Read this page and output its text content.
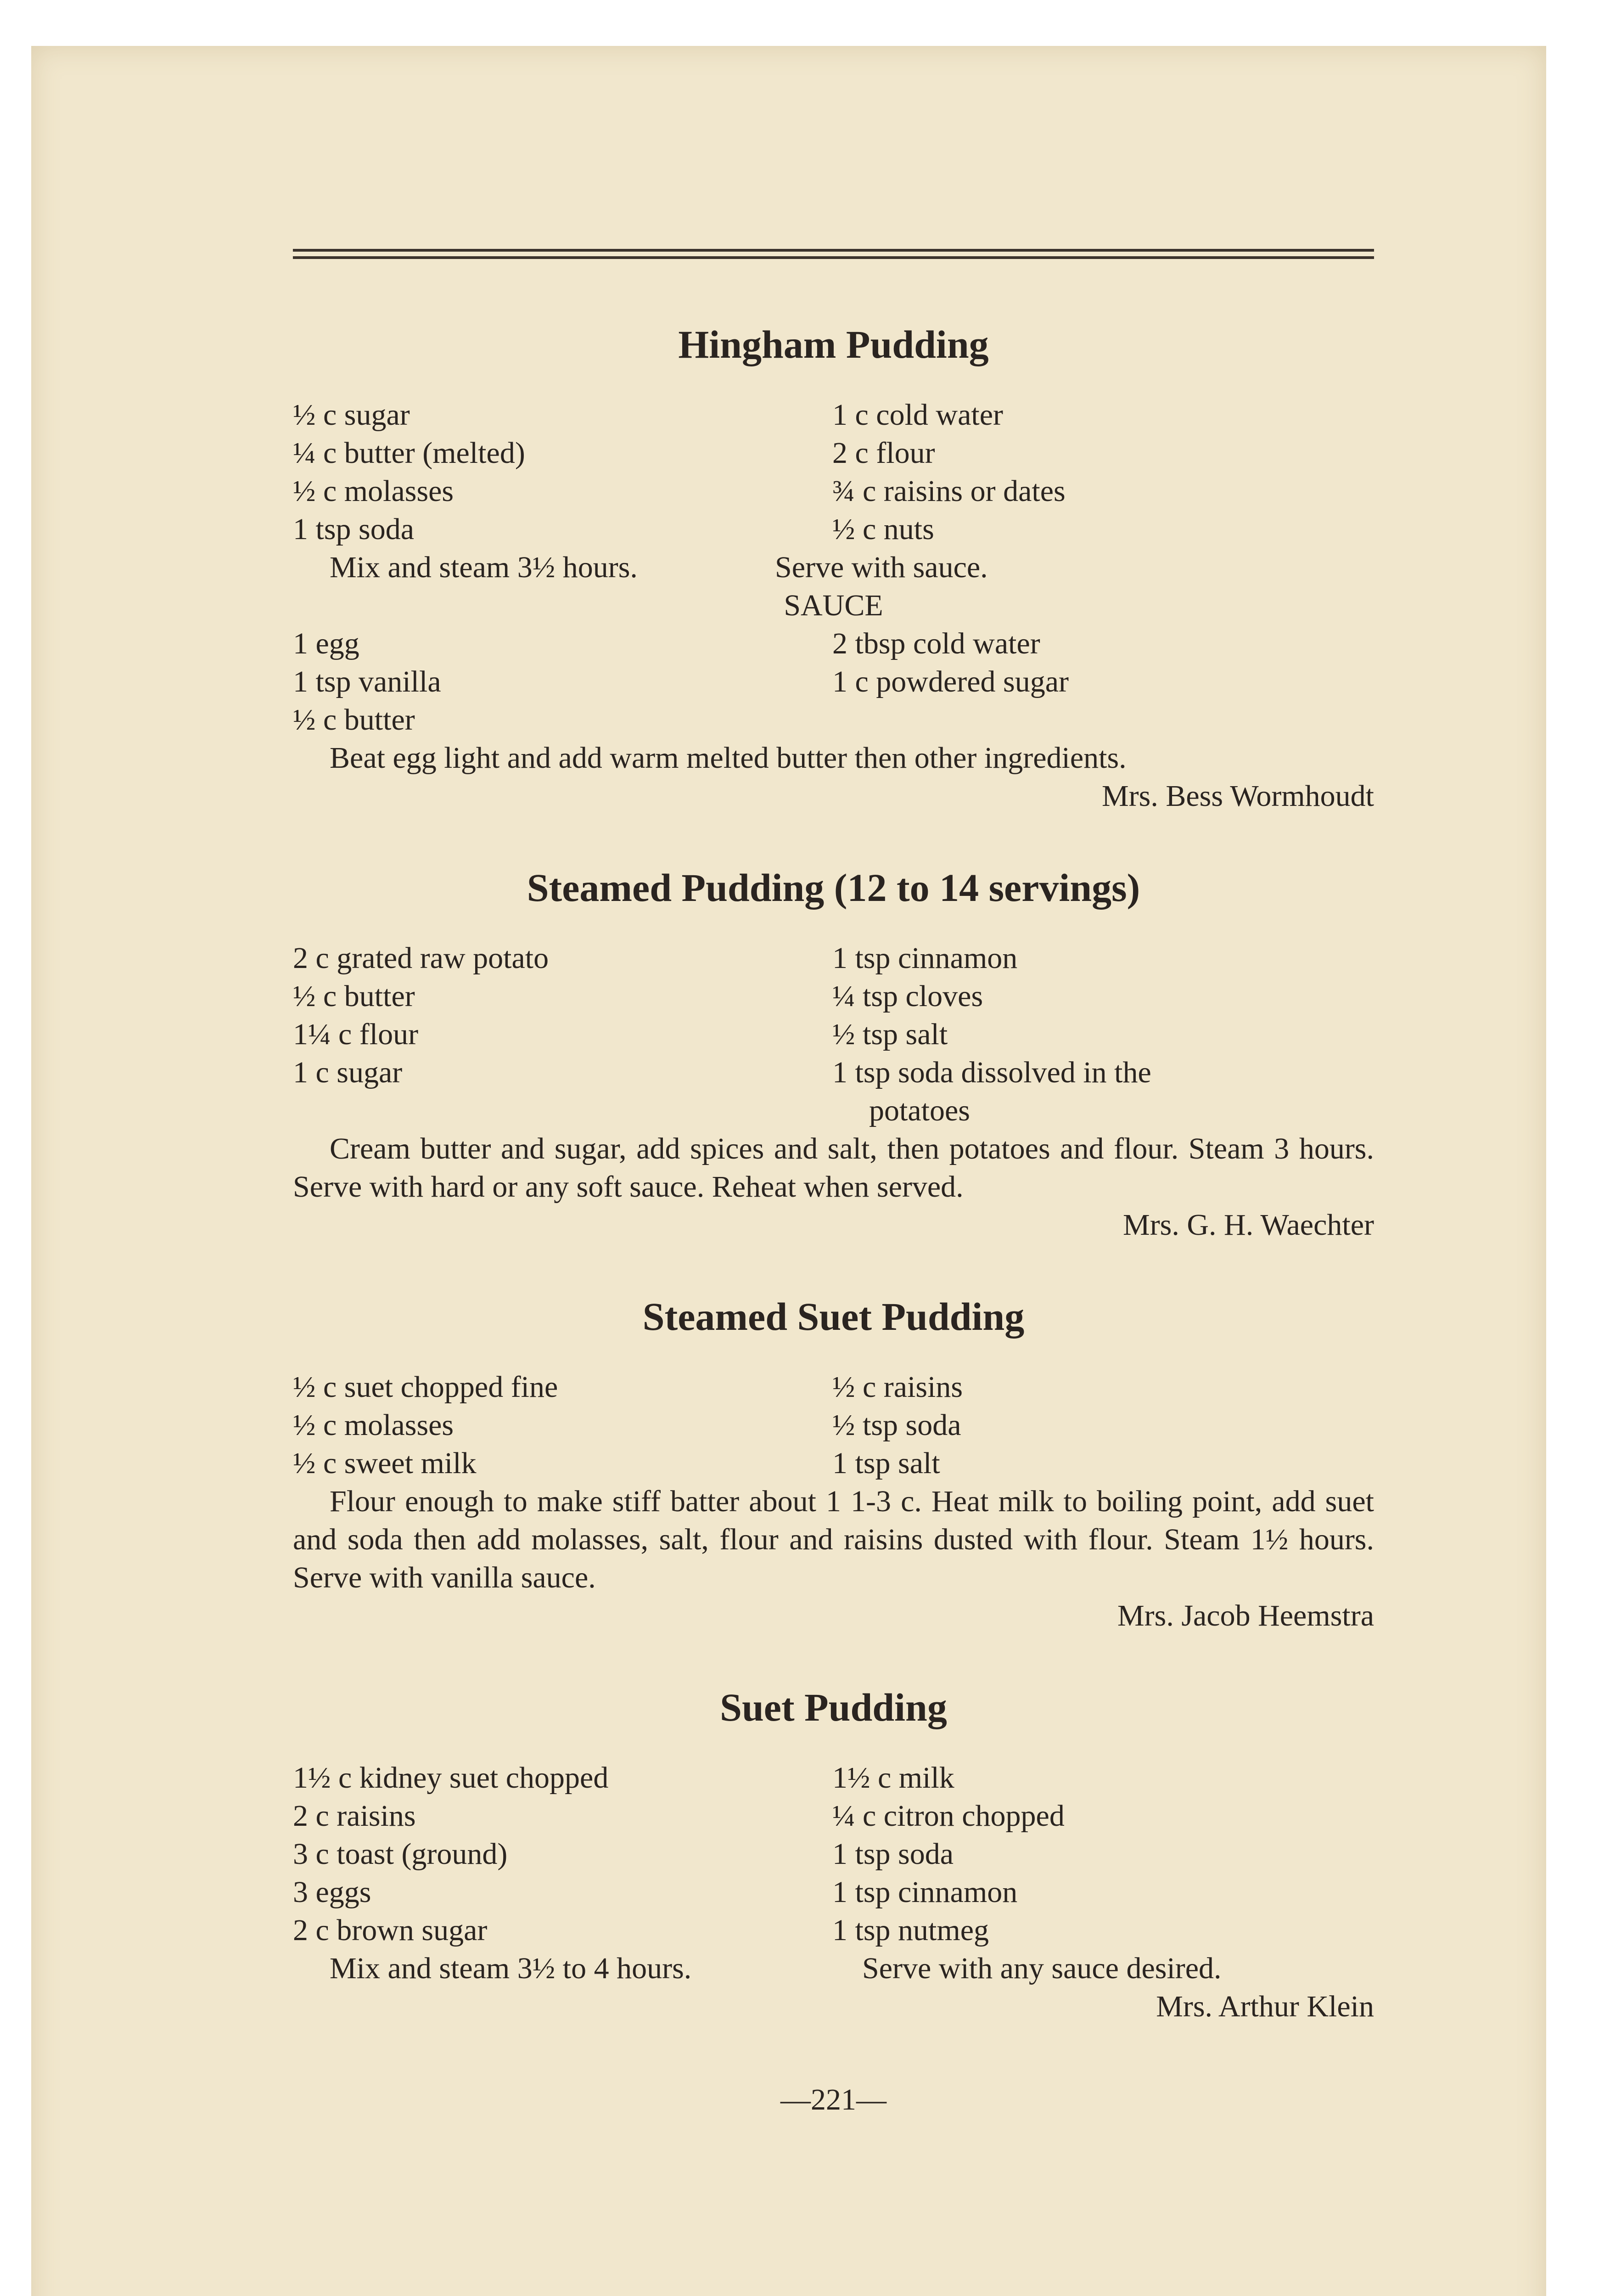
Hingham Pudding
½ c sugar
¼ c butter (melted)
½ c molasses
1 tsp soda
1 c cold water
2 c flour
¾ c raisins or dates
½ c nuts
Mix and steam 3½ hours.	Serve with sauce.
SAUCE
1 egg
1 tsp vanilla
½ c butter
2 tbsp cold water
1 c powdered sugar
Beat egg light and add warm melted butter then other ingredients.
Mrs. Bess Wormhoudt
Steamed Pudding (12 to 14 servings)
2 c grated raw potato
½ c butter
1¼ c flour
1 c sugar
1 tsp cinnamon
¼ tsp cloves
½ tsp salt
1 tsp soda dissolved in the
potatoes
Cream butter and sugar, add spices and salt, then potatoes and flour. Steam 3 hours. Serve with hard or any soft sauce. Reheat when served.
Mrs. G. H. Waechter
Steamed Suet Pudding
½ c suet chopped fine
½ c molasses
½ c sweet milk
½ c raisins
½ tsp soda
1 tsp salt
Flour enough to make stiff batter about 1 1-3 c. Heat milk to boiling point, add suet and soda then add molasses, salt, flour and raisins dusted with flour. Steam 1½ hours. Serve with vanilla sauce.
Mrs. Jacob Heemstra
Suet Pudding
1½ c kidney suet chopped
2 c raisins
3 c toast (ground)
3 eggs
2 c brown sugar
1½ c milk
¼ c citron chopped
1 tsp soda
1 tsp cinnamon
1 tsp nutmeg
Mix and steam 3½ to 4 hours.	Serve with any sauce desired.
Mrs. Arthur Klein
—221—
